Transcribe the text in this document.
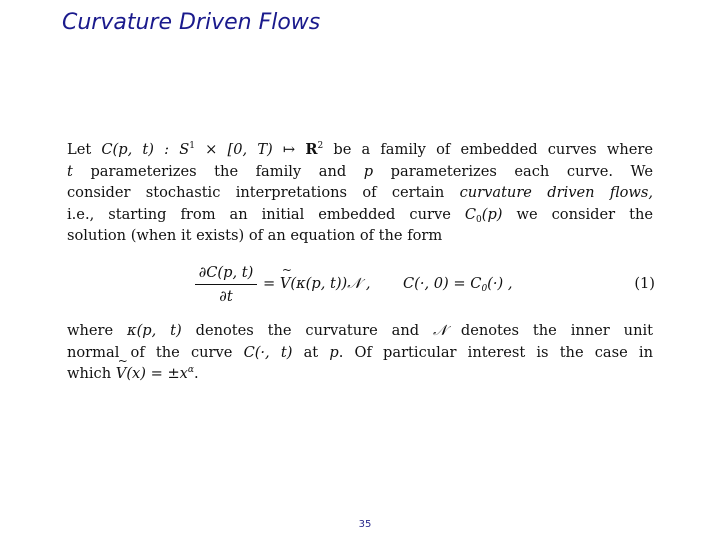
Curvature Driven Flows
Let C(p, t) : $S^1 \times [0$, T) ↦ $R^2$ be a family of embedded curves where
t parameterizes the family and p parameterizes each curve. We
consider stochastic interpretations of certain curvature driven flows,
i.e., starting from an initial embedded curve $C_0(p)$ we consider the
solution (when it exists) of an equation of the form
∂C(p, t)
∂t
= ~ V(κ(p, t))𝒩 , C(·, $0) = C_0(\cdot)$ ,	(1)
where κ(p, t) denotes the curvature and 𝒩 denotes the inner unit
normal of the curve C(·, t) at p. Of particular interest is the case in
which ~ $V(x) = \pm x^\alpha$.
35
